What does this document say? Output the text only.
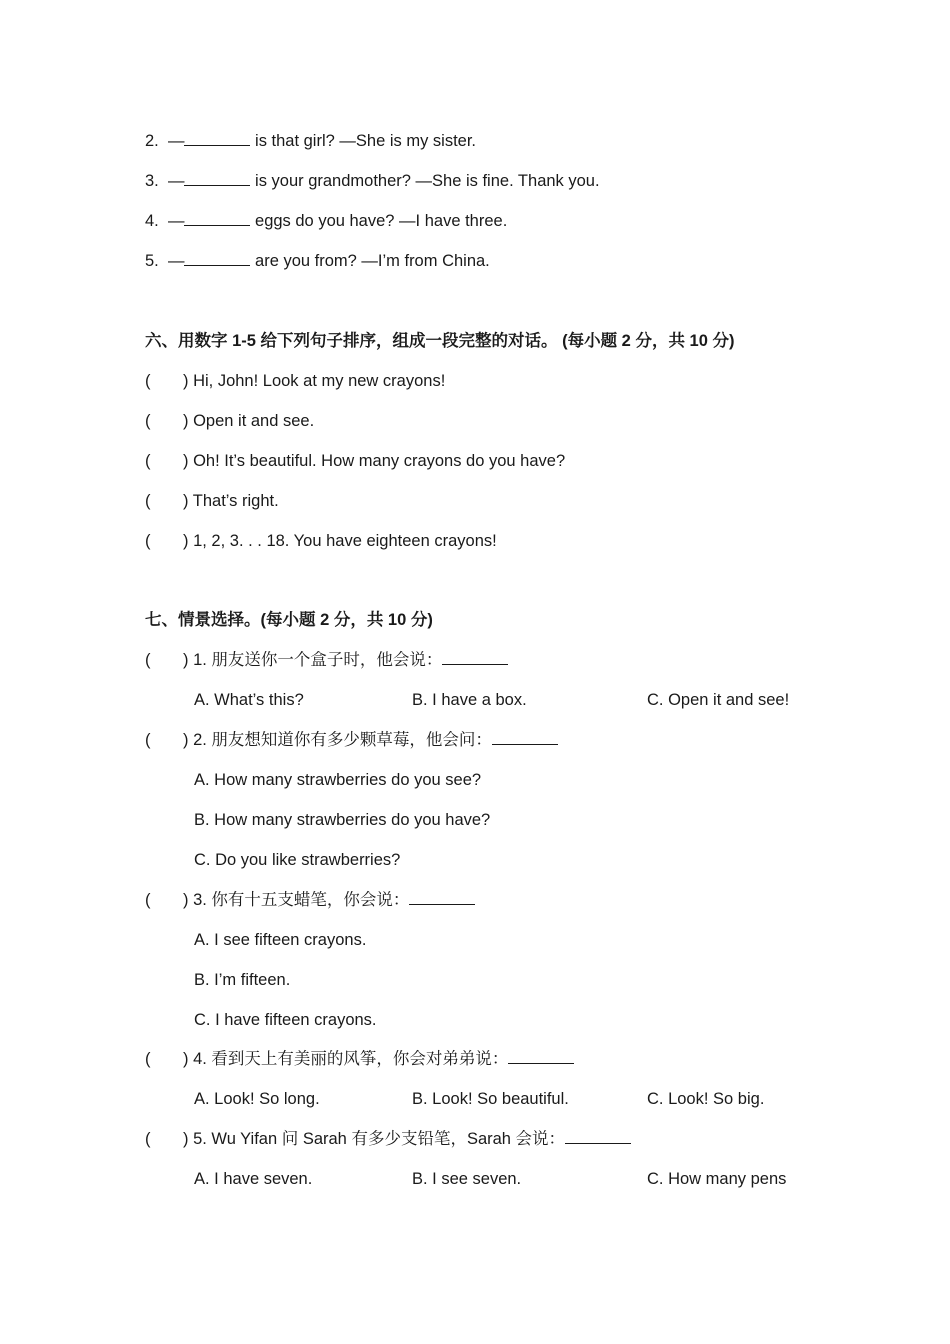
2. —	is that girl? —She is my sister.
3. —	is your grandmother? —She is fine. Thank you.
4. —	eggs do you have? —I have three.
5. —	are you from? —I’m from China.
六、用数字 1-5 给下列句子排序，组成一段完整的对话。 (每小题 2 分，共 10 分)
( ) Hi, John! Look at my new crayons!
( ) Open it and see.
( ) Oh! It’s beautiful. How many crayons do you have?
( ) That’s right.
( ) 1, 2, 3. . . 18. You have eighteen crayons!
七、情景选择。(每小题 2 分，共 10 分)
( ) 1. 朋友送你一个盒子时，他会说：
A. What’s this?	B. I have a box.	C. Open it and see!
( ) 2. 朋友想知道你有多少颗草莓，他会问：
A. How many strawberries do you see?
B. How many strawberries do you have?
C. Do you like strawberries?
( ) 3. 你有十五支蜡笔，你会说：
A. I see fifteen crayons.
B. I’m fifteen.
C. I have fifteen crayons.
( ) 4. 看到天上有美丽的风筝，你会对弟弟说：
A. Look! So long.	B. Look! So beautiful.	C. Look! So big.
( ) 5. Wu Yifan 问 Sarah 有多少支铅笔，Sarah 会说：
A. I have seven.	B. I see seven.	C. How many pens
